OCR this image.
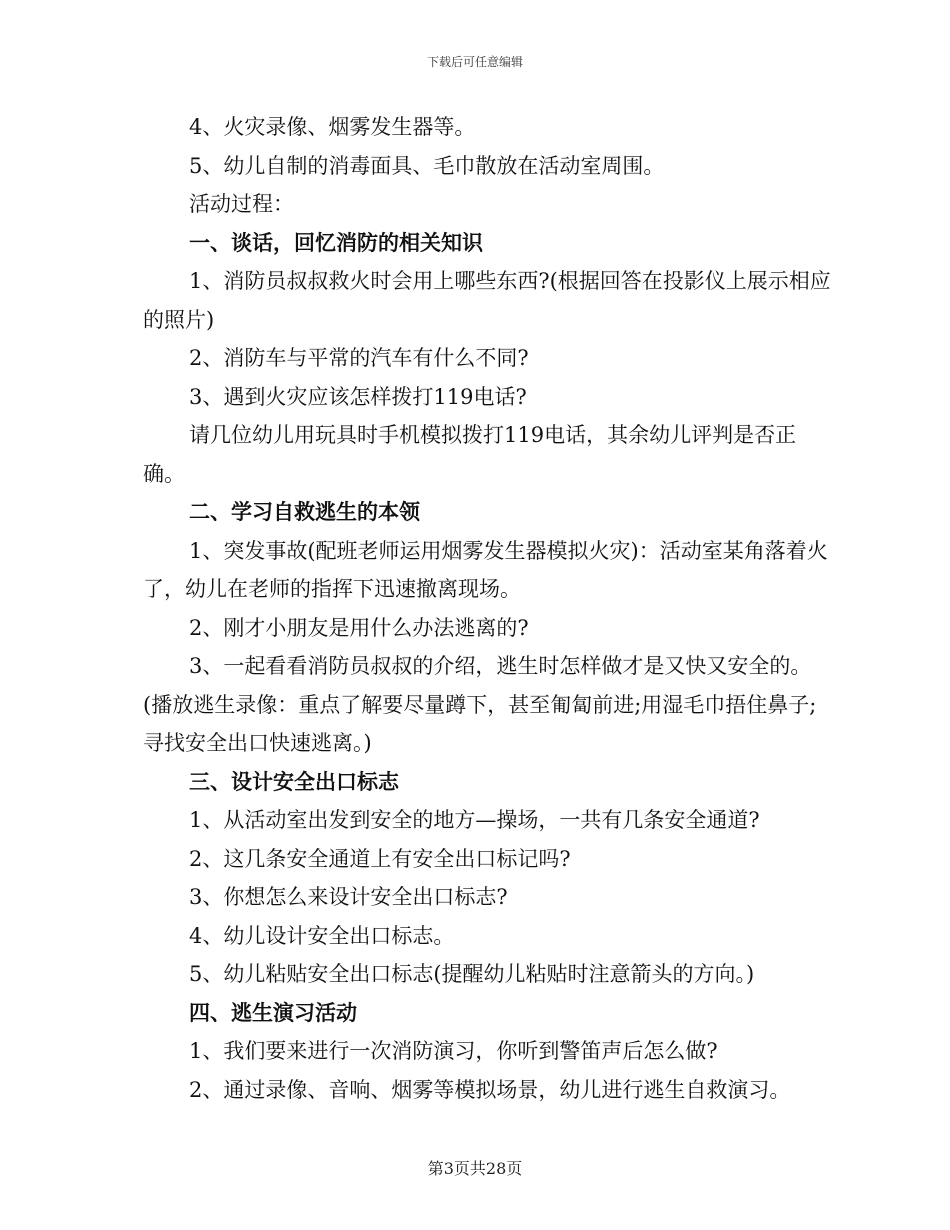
下载后可任意编辑

4、火灾录像、烟雾发生器等。

5、幼儿自制的消毒面具、毛巾散放在活动室周围。

活动过程：

一、谈话，回忆消防的相关知识

1、消防员叔叔救火时会用上哪些东西?(根据回答在投影仪上展示相应的照片)

2、消防车与平常的汽车有什么不同?

3、遇到火灾应该怎样拨打119电话?

请几位幼儿用玩具时手机模拟拨打119电话，其余幼儿评判是否正确。

二、学习自救逃生的本领

1、突发事故(配班老师运用烟雾发生器模拟火灾)：活动室某角落着火了，幼儿在老师的指挥下迅速撤离现场。

2、刚才小朋友是用什么办法逃离的?

3、一起看看消防员叔叔的介绍，逃生时怎样做才是又快又安全的。(播放逃生录像：重点了解要尽量蹲下，甚至匍匐前进;用湿毛巾捂住鼻子;寻找安全出口快速逃离。)

三、设计安全出口标志

1、从活动室出发到安全的地方—操场，一共有几条安全通道?

2、这几条安全通道上有安全出口标记吗?

3、你想怎么来设计安全出口标志?

4、幼儿设计安全出口标志。

5、幼儿粘贴安全出口标志(提醒幼儿粘贴时注意箭头的方向。)

四、逃生演习活动

1、我们要来进行一次消防演习，你听到警笛声后怎么做?

2、通过录像、音响、烟雾等模拟场景，幼儿进行逃生自救演习。

第3页共28页
